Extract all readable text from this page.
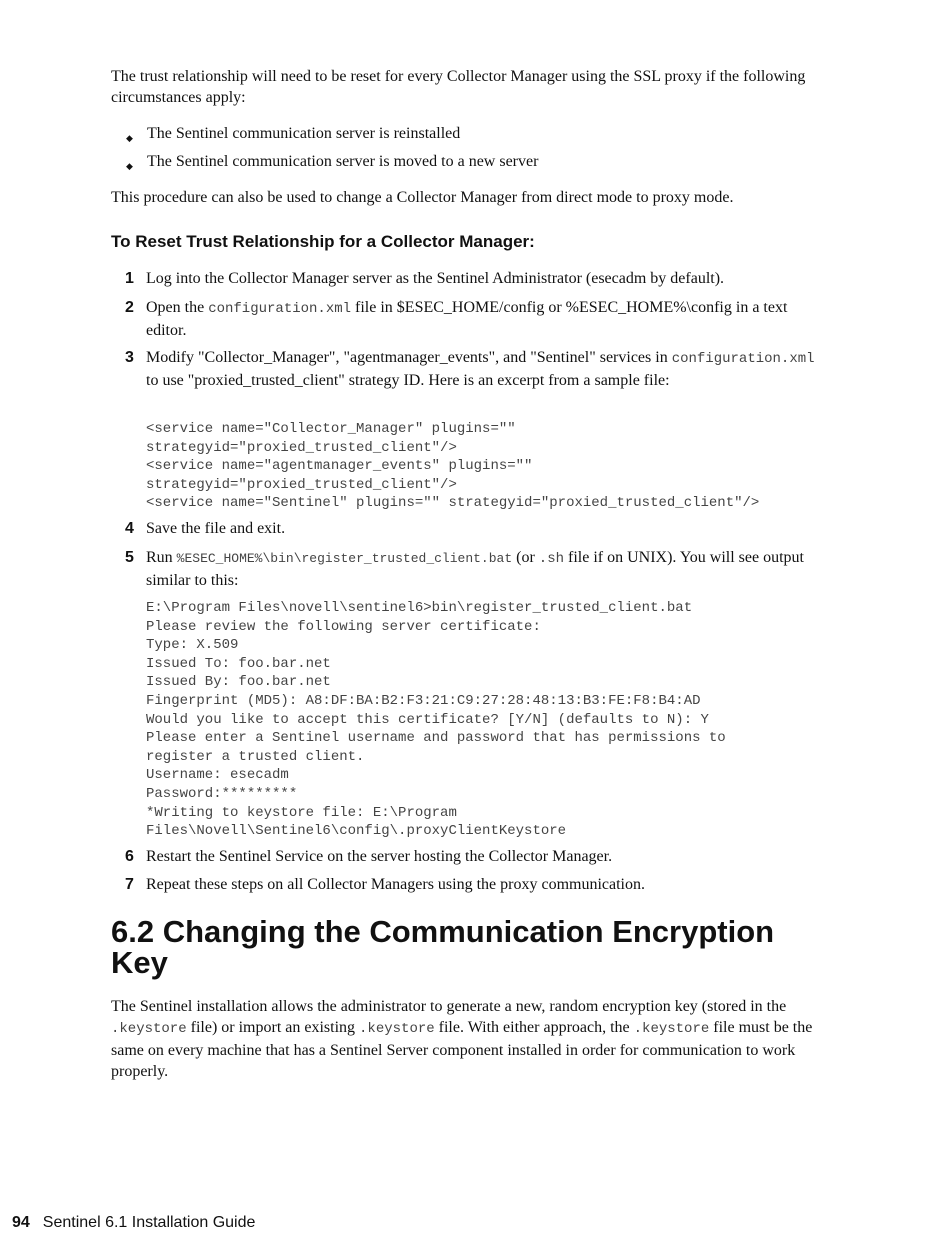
The trust relationship will need to be reset for every Collector Manager using the SSL proxy if the following circumstances apply:

◆ The Sentinel communication server is reinstalled
◆ The Sentinel communication server is moved to a new server

This procedure can also be used to change a Collector Manager from direct mode to proxy mode.

To Reset Trust Relationship for a Collector Manager:
1 Log into the Collector Manager server as the Sentinel Administrator (esecadm by default).
2 Open the configuration.xml file in $ESEC_HOME/config or %ESEC_HOME%\config in a text editor.
3 Modify "Collector_Manager", "agentmanager_events", and "Sentinel" services in configuration.xml to use "proxied_trusted_client" strategy ID. Here is an excerpt from a sample file:
<service name="Collector_Manager" plugins=""
strategyid="proxied_trusted_client"/>
<service name="agentmanager_events" plugins=""
strategyid="proxied_trusted_client"/>
<service name="Sentinel" plugins="" strategyid="proxied_trusted_client"/>
4 Save the file and exit.
5 Run %ESEC_HOME%\bin\register_trusted_client.bat (or .sh file if on UNIX). You will see output similar to this:
E:\Program Files\novell\sentinel6>bin\register_trusted_client.bat
Please review the following server certificate:
Type: X.509
Issued To: foo.bar.net
Issued By: foo.bar.net
Fingerprint (MD5): A8:DF:BA:B2:F3:21:C9:27:28:48:13:B3:FE:F8:B4:AD
Would you like to accept this certificate? [Y/N] (defaults to N): Y
Please enter a Sentinel username and password that has permissions to
register a trusted client.
Username: esecadm
Password:*********
*Writing to keystore file: E:\Program
Files\Novell\Sentinel6\config\.proxyClientKeystore
6 Restart the Sentinel Service on the server hosting the Collector Manager.
7 Repeat these steps on all Collector Managers using the proxy communication.
6.2 Changing the Communication Encryption Key

The Sentinel installation allows the administrator to generate a new, random encryption key (stored in the .keystore file) or import an existing .keystore file. With either approach, the .keystore file must be the same on every machine that has a Sentinel Server component installed in order for communication to work properly.

94 Sentinel 6.1 Installation Guide
